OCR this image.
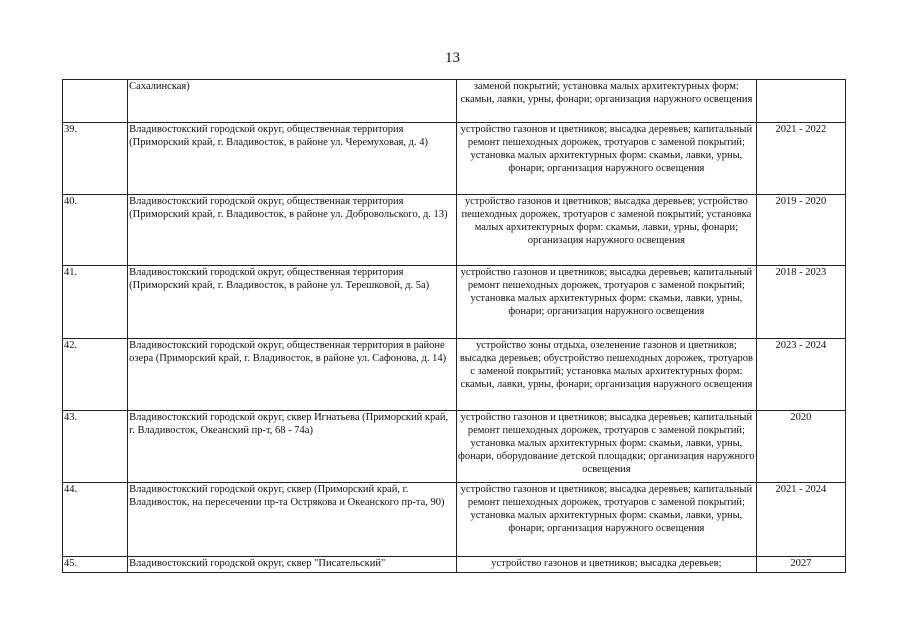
13
	Сахалинская)	заменой покрытий; установка малых архитектурных форм: скамьи, лавки, урны, фонари; организация наружного освещения	
39.	Владивостокский городской округ, общественная территория (Приморский край, г. Владивосток, в районе ул. Черемуховая, д. 4)	устройство газонов и цветников; высадка деревьев; капитальный ремонт пешеходных дорожек, тротуаров с заменой покрытий; установка малых архитектурных форм: скамьи, лавки, урны, фонари; организация наружного освещения	2021 - 2022
40.	Владивостокский городской округ, общественная территория (Приморский край, г. Владивосток, в районе ул. Добровольского, д. 13)	устройство газонов и цветников; высадка деревьев; устройство пешеходных дорожек, тротуаров с заменой покрытий; установка малых архитектурных форм: скамьи, лавки, урны, фонари; организация наружного освещения	2019 - 2020
41.	Владивостокский городской округ, общественная территория (Приморский край, г. Владивосток, в районе ул. Терешковой, д. 5а)	устройство газонов и цветников; высадка деревьев; капитальный ремонт пешеходных дорожек, тротуаров с заменой покрытий; установка малых архитектурных форм: скамьи, лавки, урны, фонари; организация наружного освещения	2018 - 2023
42.	Владивостокский городской округ, общественная территория в районе озера (Приморский край, г. Владивосток, в районе ул. Сафонова, д. 14)	устройство зоны отдыха, озеленение газонов и цветников; высадка деревьев; обустройство пешеходных дорожек, тротуаров с заменой покрытий; установка малых архитектурных форм: скамьи, лавки, урны, фонари; организация наружного освещения	2023 - 2024
43.	Владивостокский городской округ, сквер Игнатьева (Приморский край, г. Владивосток, Океанский пр-т, 68 - 74а)	устройство газонов и цветников; высадка деревьев; капитальный ремонт пешеходных дорожек, тротуаров с заменой покрытий; установка малых архитектурных форм: скамьи, лавки, урны, фонари, оборудование детской площадки; организация наружного освещения	2020
44.	Владивостокский городской округ, сквер (Приморский край, г. Владивосток, на пересечении пр-та Острякова и Океанского пр-та, 90)	устройство газонов и цветников; высадка деревьев; капитальный ремонт пешеходных дорожек, тротуаров с заменой покрытий; установка малых архитектурных форм: скамьи, лавки, урны, фонари; организация наружного освещения	2021 - 2024
45.	Владивостокский городской округ, сквер "Писательский"	устройство газонов и цветников; высадка деревьев;	2027
